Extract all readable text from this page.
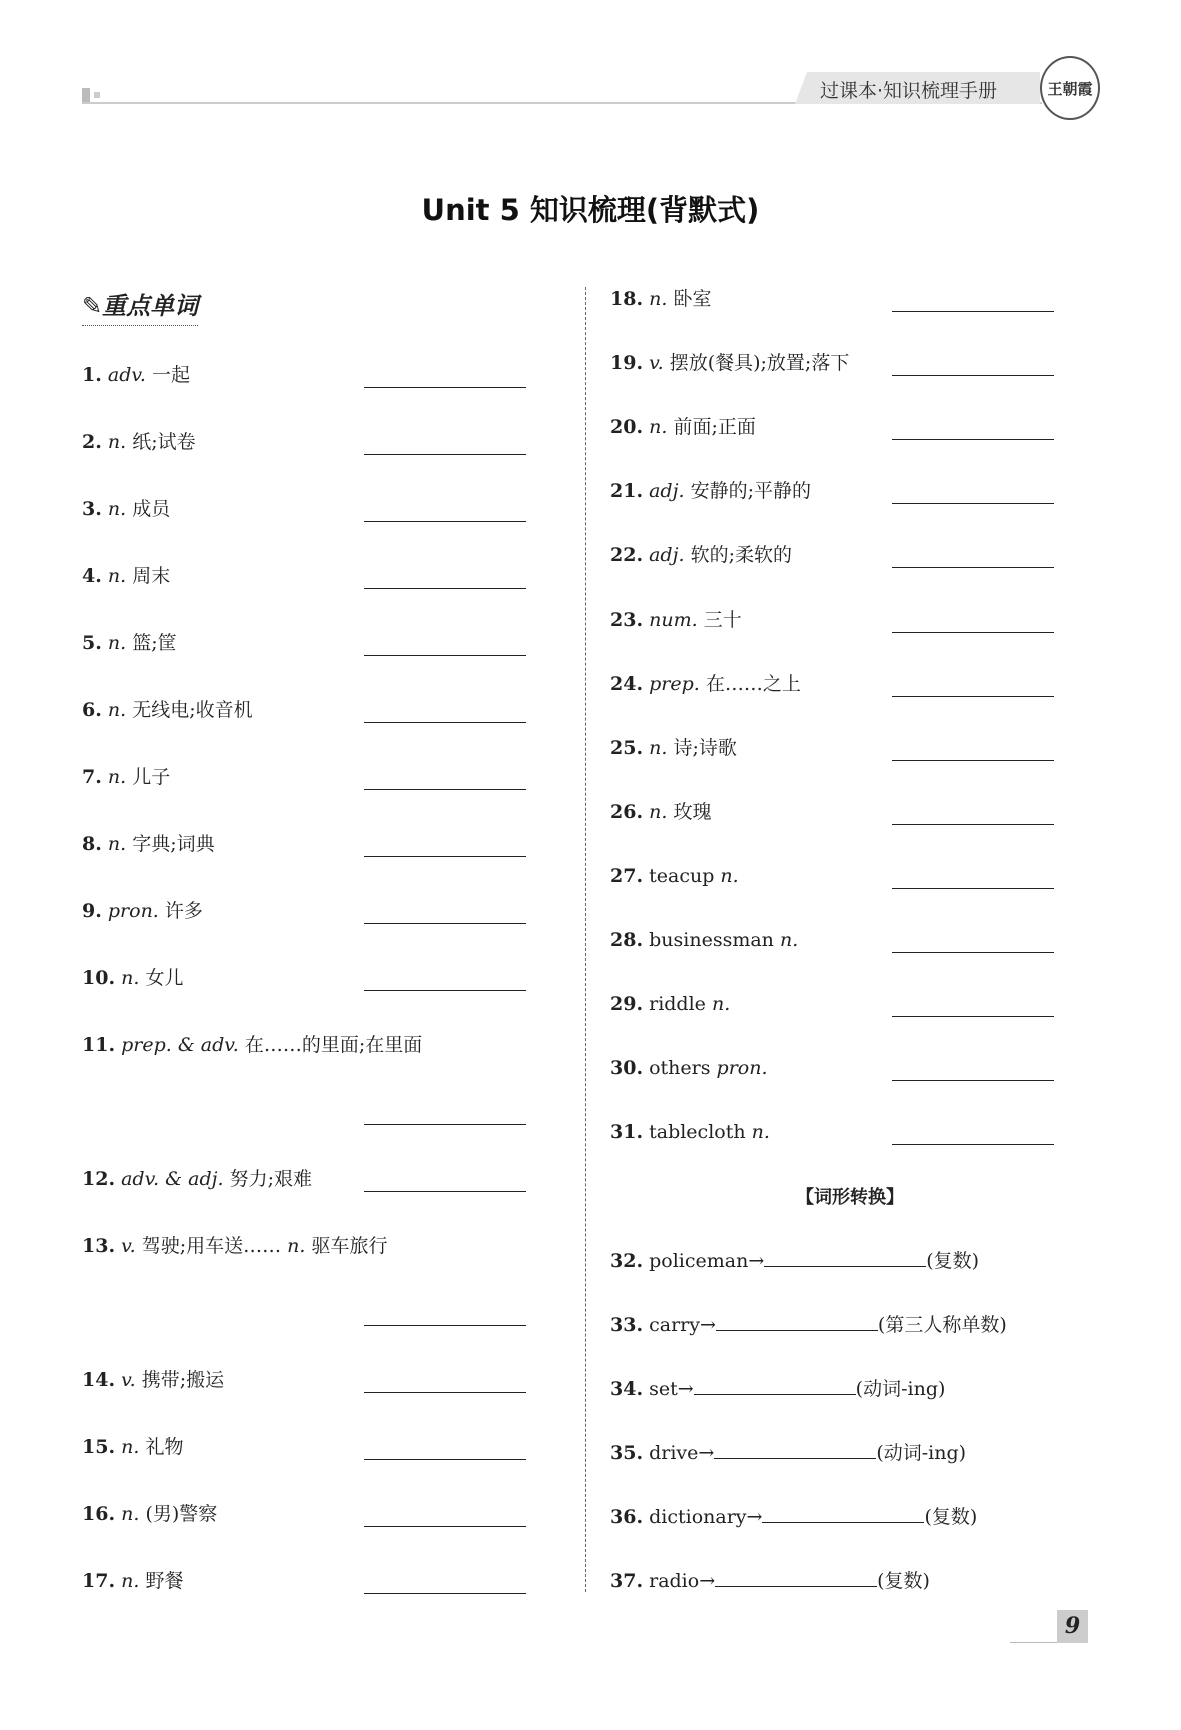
过课本·知识梳理手册	王朝霞
Unit 5 知识梳理(背默式)
✎重点单词
9
1. adv. 一起
2. n. 纸;试卷
3. n. 成员
4. n. 周末
5. n. 篮;筐
6. n. 无线电;收音机
7. n. 儿子
8. n. 字典;词典
9. pron. 许多
10. n. 女儿
11. prep. & adv. 在……的里面;在里面
12. adv. & adj. 努力;艰难
13. v. 驾驶;用车送…… n. 驱车旅行
14. v. 携带;搬运
15. n. 礼物
16. n. (男)警察
17. n. 野餐
18. n. 卧室
19. v. 摆放(餐具);放置;落下
20. n. 前面;正面
21. adj. 安静的;平静的
22. adj. 软的;柔软的
23. num. 三十
24. prep. 在……之上
25. n. 诗;诗歌
26. n. 玫瑰
27. teacup n.
28. businessman n.
29. riddle n.
30. others pron.
31. tablecloth n.
【词形转换】
32. policeman→	(复数)
33. carry→	(第三人称单数)
34. set→	(动词-ing)
35. drive→	(动词-ing)
36. dictionary→	(复数)
37. radio→	(复数)
